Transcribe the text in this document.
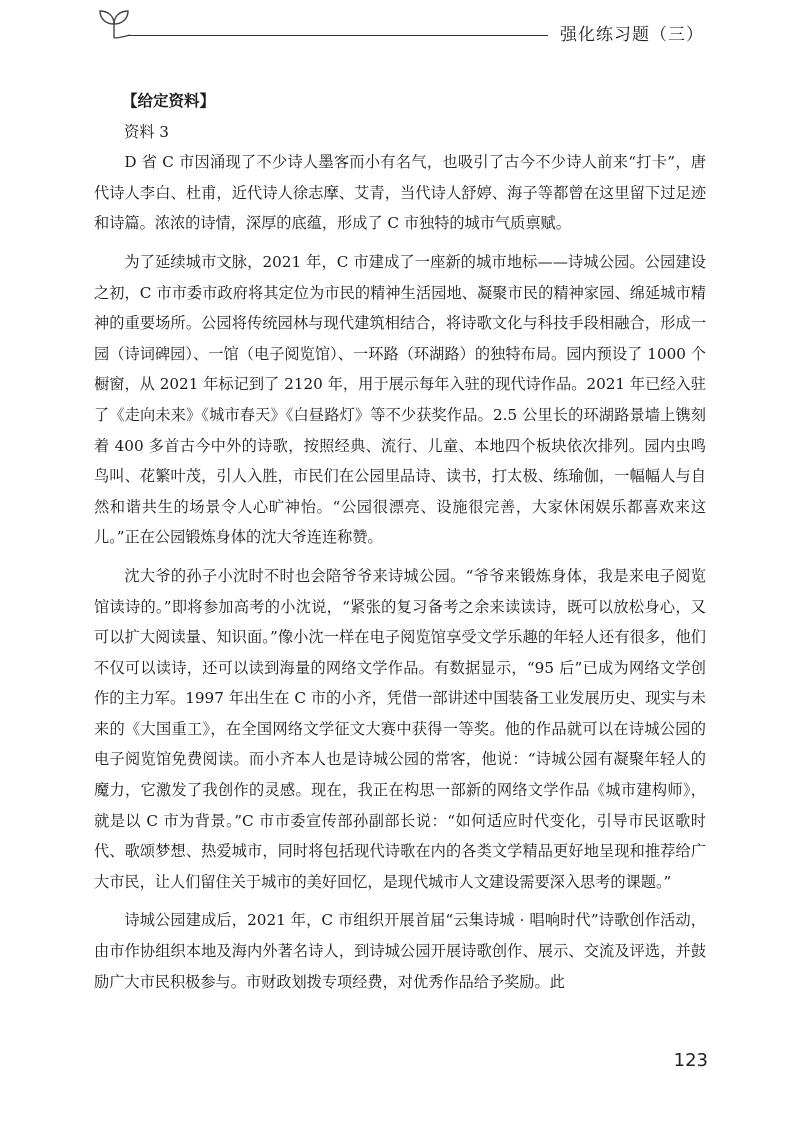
强化练习题（三）
【给定资料】
资料 3

D 省 C 市因涌现了不少诗人墨客而小有名气，也吸引了古今不少诗人前来“打卡”，唐代诗人李白、杜甫，近代诗人徐志摩、艾青，当代诗人舒婷、海子等都曾在这里留下过足迹和诗篇。浓浓的诗情，深厚的底蕴，形成了 C 市独特的城市气质禀赋。

为了延续城市文脉，2021 年，C 市建成了一座新的城市地标——诗城公园。公园建设之初，C 市市委市政府将其定位为市民的精神生活园地、凝聚市民的精神家园、绵延城市精神的重要场所。公园将传统园林与现代建筑相结合，将诗歌文化与科技手段相融合，形成一园（诗词碑园）、一馆（电子阅览馆）、一环路（环湖路）的独特布局。园内预设了 1000 个橱窗，从 2021 年标记到了 2120 年，用于展示每年入驻的现代诗作品。2021 年已经入驻了《走向未来》《城市春天》《白昼路灯》等不少获奖作品。2.5 公里长的环湖路景墙上镌刻着 400 多首古今中外的诗歌，按照经典、流行、儿童、本地四个板块依次排列。园内虫鸣鸟叫、花繁叶茂，引人入胜，市民们在公园里品诗、读书，打太极、练瑜伽，一幅幅人与自然和谐共生的场景令人心旷神怡。“公园很漂亮、设施很完善，大家休闲娱乐都喜欢来这儿。”正在公园锻炼身体的沈大爷连连称赞。

沈大爷的孙子小沈时不时也会陪爷爷来诗城公园。“爷爷来锻炼身体，我是来电子阅览馆读诗的。”即将参加高考的小沈说，“紧张的复习备考之余来读读诗，既可以放松身心，又可以扩大阅读量、知识面。”像小沈一样在电子阅览馆享受文学乐趣的年轻人还有很多，他们不仅可以读诗，还可以读到海量的网络文学作品。有数据显示，“95 后”已成为网络文学创作的主力军。1997 年出生在 C 市的小齐，凭借一部讲述中国装备工业发展历史、现实与未来的《大国重工》，在全国网络文学征文大赛中获得一等奖。他的作品就可以在诗城公园的电子阅览馆免费阅读。而小齐本人也是诗城公园的常客，他说：“诗城公园有凝聚年轻人的魔力，它激发了我创作的灵感。现在，我正在构思一部新的网络文学作品《城市建构师》，就是以 C 市为背景。”C 市市委宣传部孙副部长说：“如何适应时代变化，引导市民讴歌时代、歌颂梦想、热爱城市，同时将包括现代诗歌在内的各类文学精品更好地呈现和推荐给广大市民，让人们留住关于城市的美好回忆，是现代城市人文建设需要深入思考的课题。”

诗城公园建成后，2021 年，C 市组织开展首届“云集诗城 · 唱响时代”诗歌创作活动，由市作协组织本地及海内外著名诗人，到诗城公园开展诗歌创作、展示、交流及评选，并鼓励广大市民积极参与。市财政划拨专项经费，对优秀作品给予奖励。此

123
